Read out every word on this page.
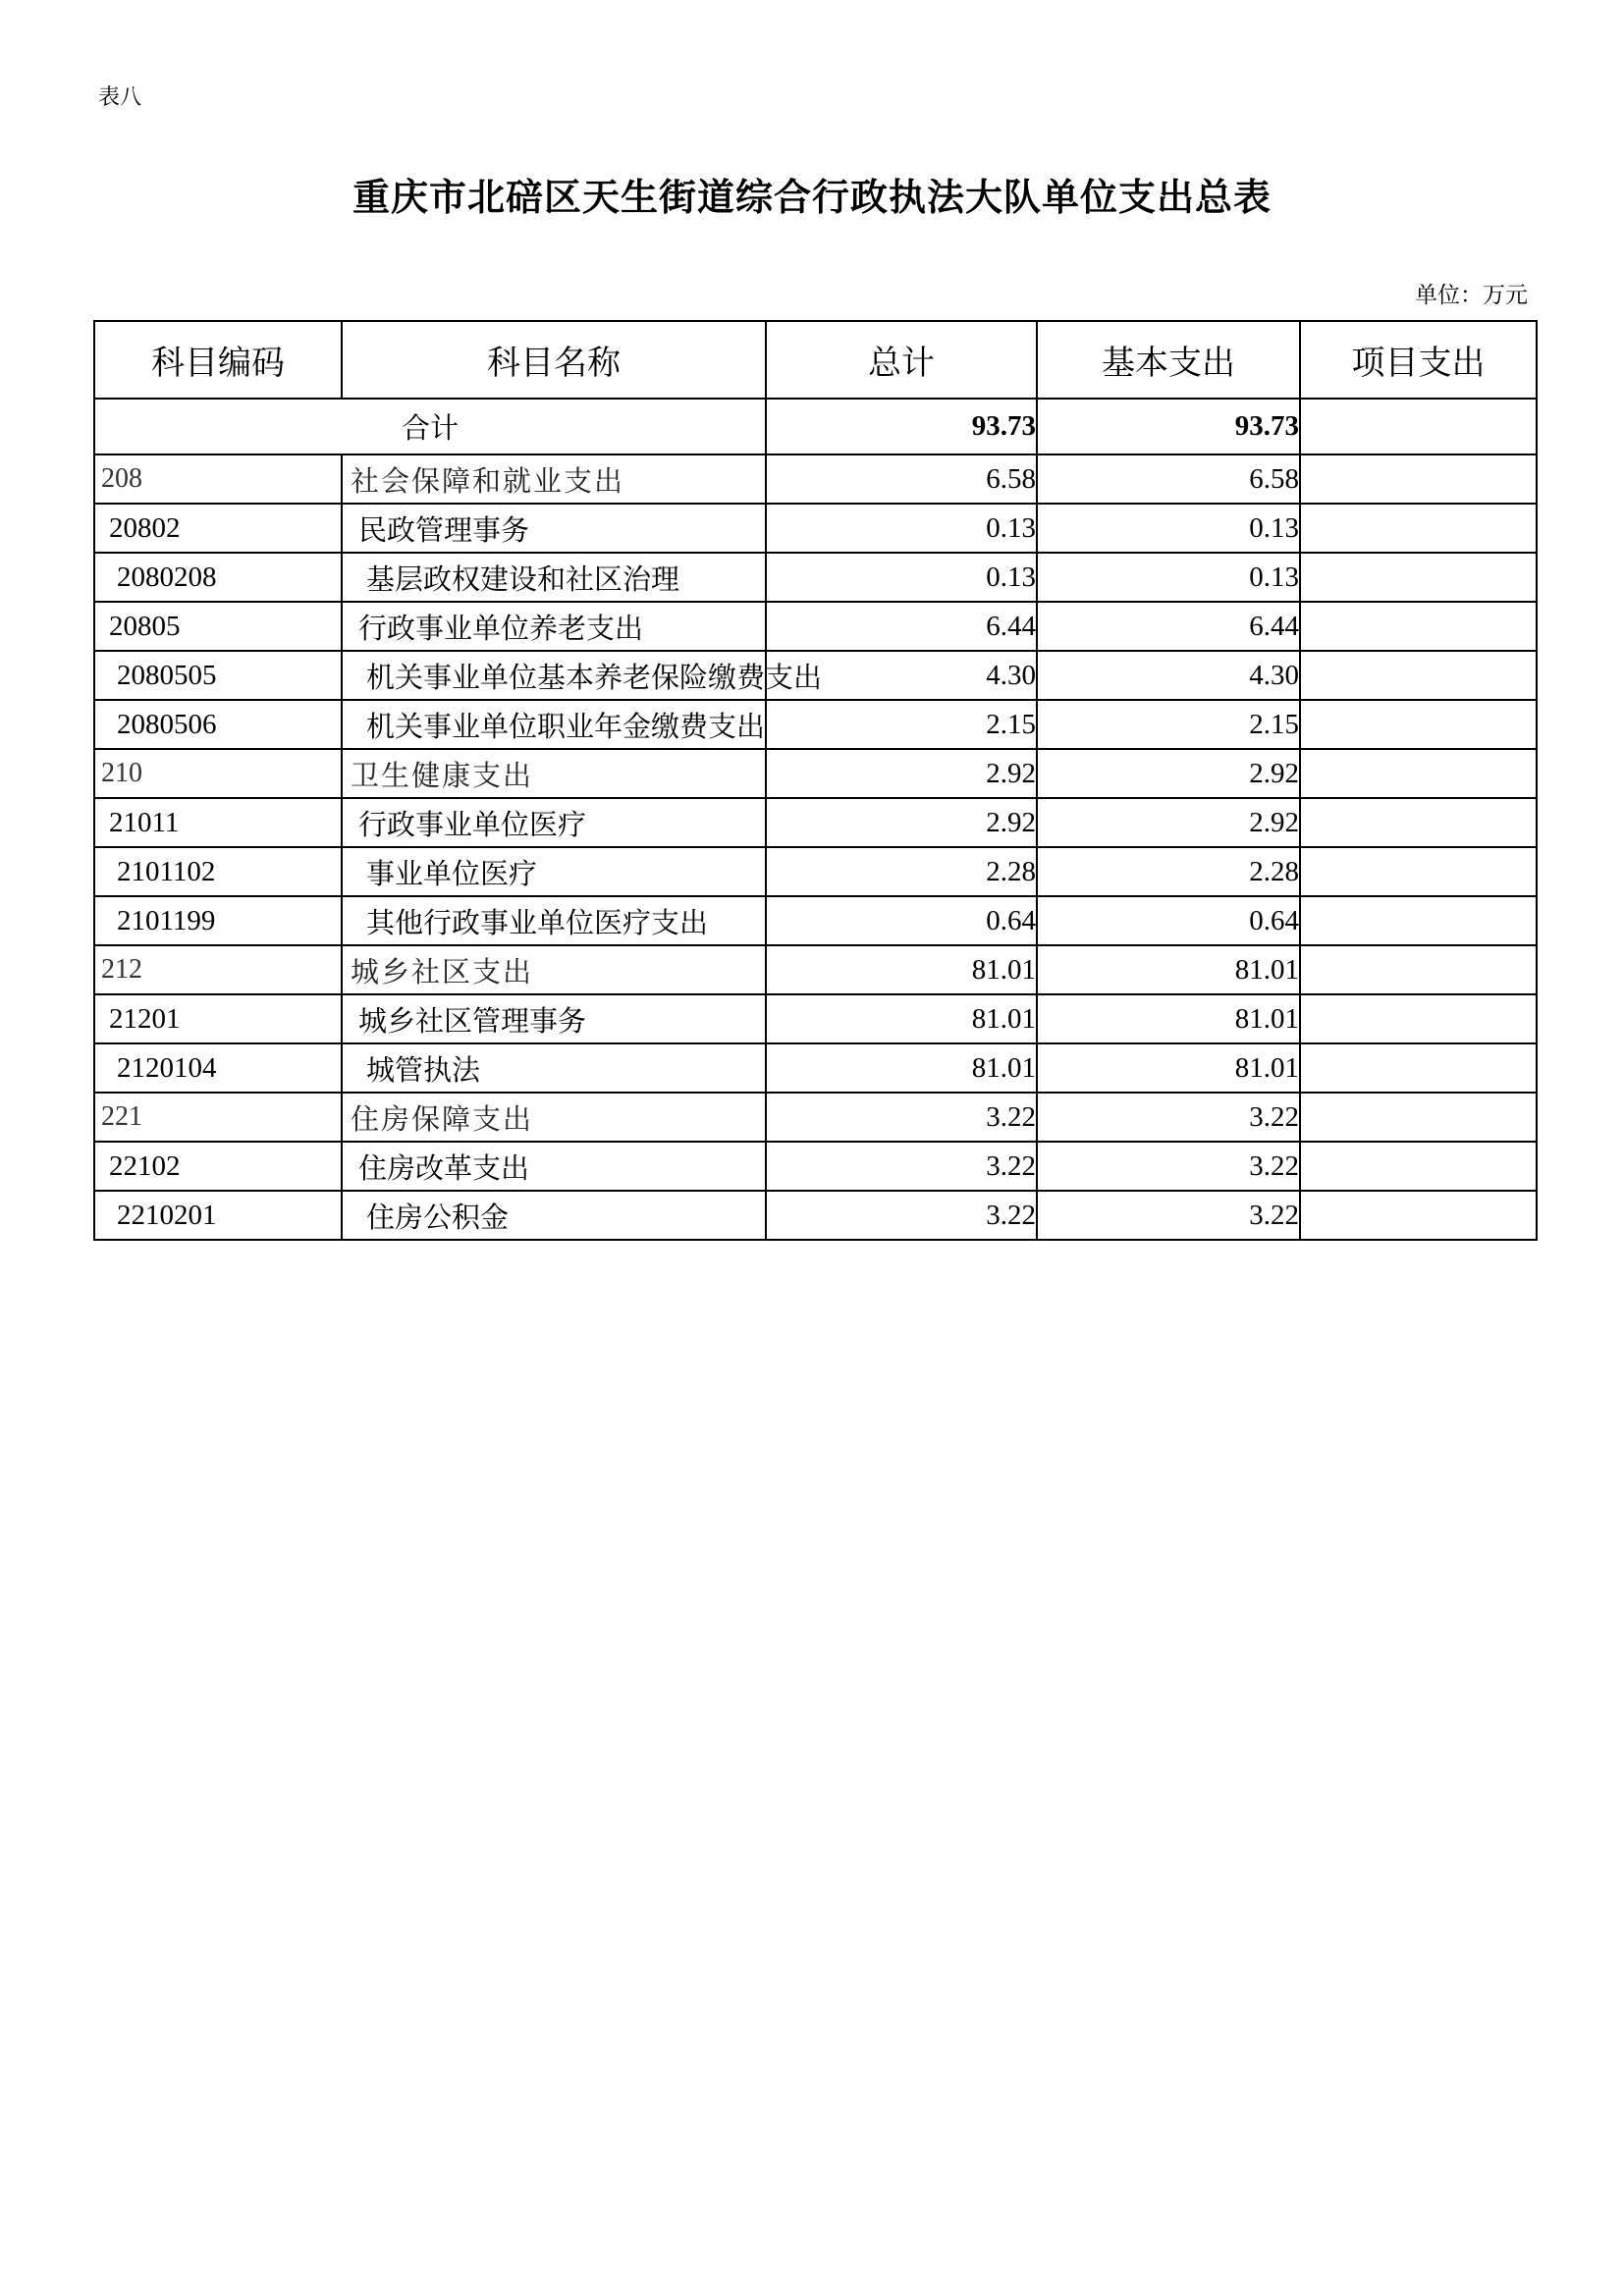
表八
重庆市北碚区天生街道综合行政执法大队单位支出总表
单位：万元
科目编码	科目名称	总计	基本支出	项目支出
合计		93.73	93.73	
208	社会保障和就业支出	6.58	6.58	
20802	民政管理事务	0.13	0.13	
2080208	基层政权建设和社区治理	0.13	0.13	
20805	行政事业单位养老支出	6.44	6.44	
2080505	机关事业单位基本养老保险缴费支出	4.30	4.30	
2080506	机关事业单位职业年金缴费支出	2.15	2.15	
210	卫生健康支出	2.92	2.92	
21011	行政事业单位医疗	2.92	2.92	
2101102	事业单位医疗	2.28	2.28	
2101199	其他行政事业单位医疗支出	0.64	0.64	
212	城乡社区支出	81.01	81.01	
21201	城乡社区管理事务	81.01	81.01	
2120104	城管执法	81.01	81.01	
221	住房保障支出	3.22	3.22	
22102	住房改革支出	3.22	3.22	
2210201	住房公积金	3.22	3.22	
